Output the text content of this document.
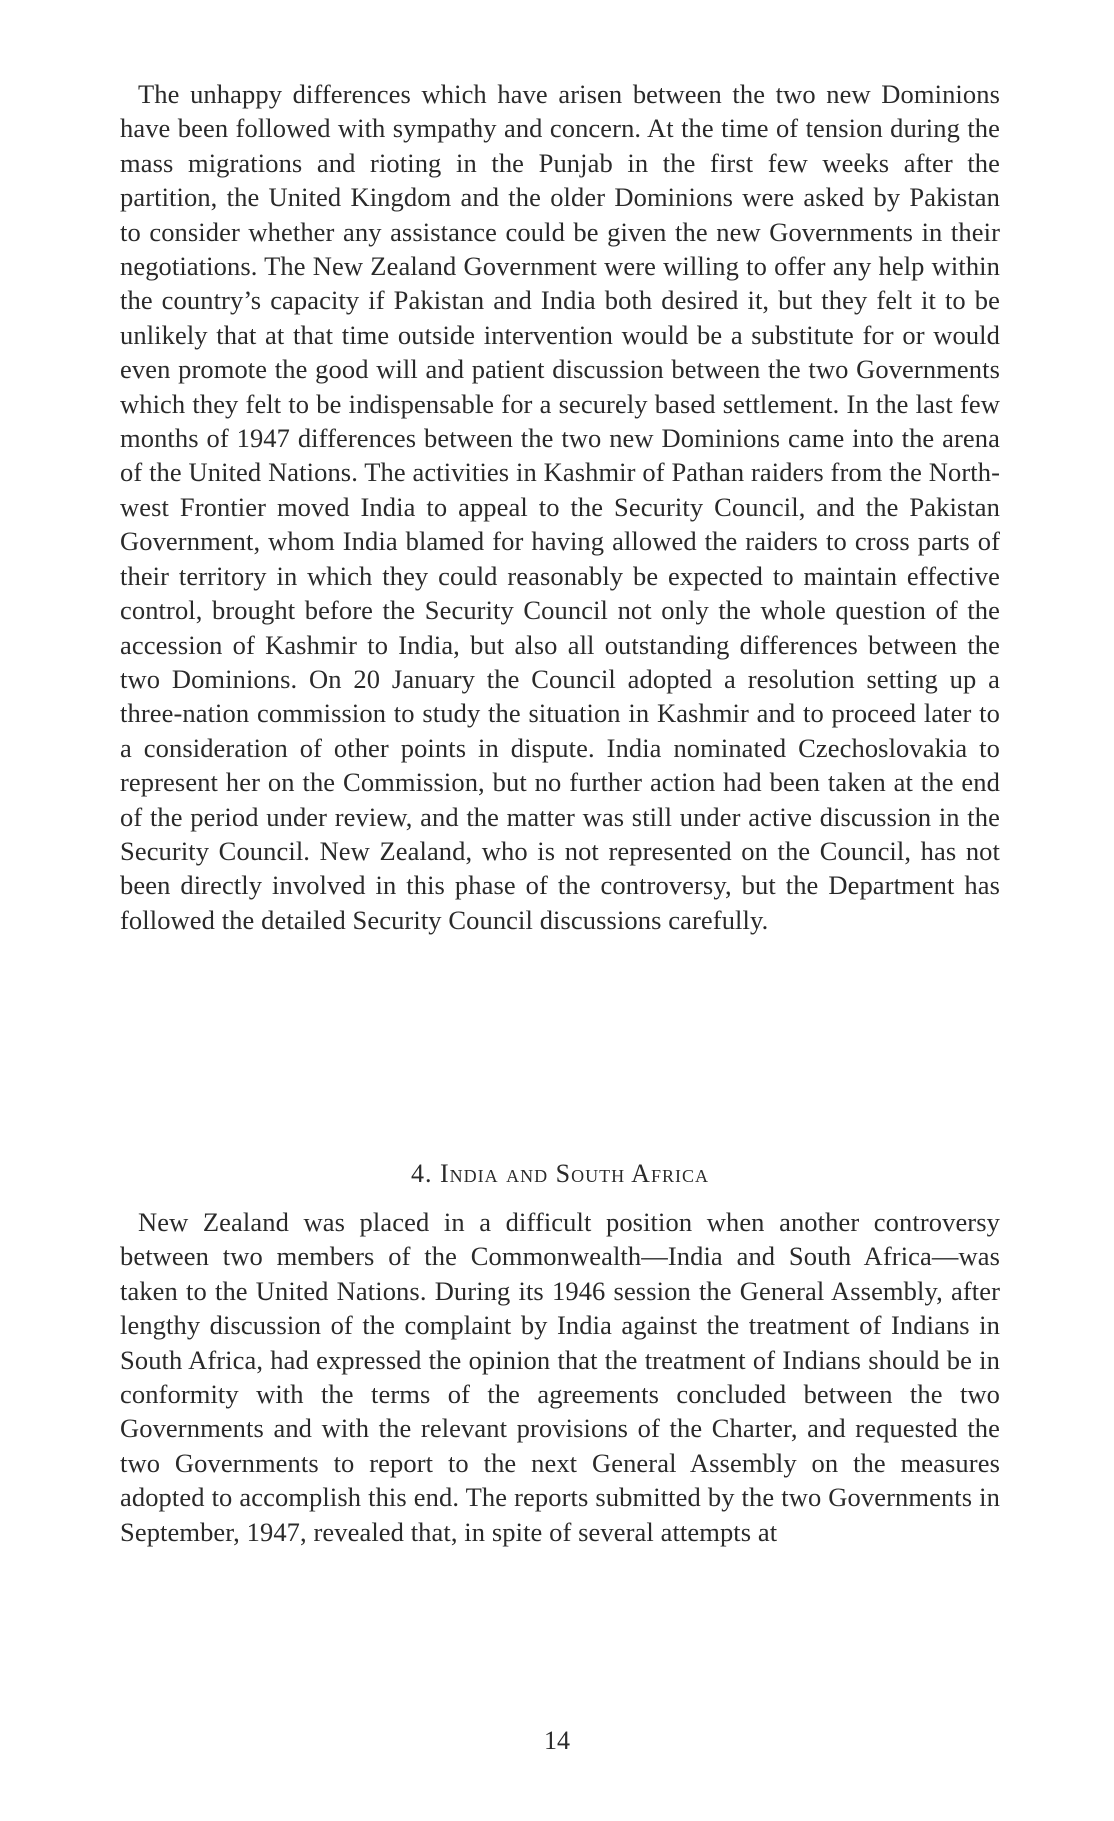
The unhappy differences which have arisen between the two new Dominions have been followed with sympathy and concern. At the time of tension during the mass migrations and rioting in the Punjab in the first few weeks after the partition, the United Kingdom and the older Dominions were asked by Pakistan to consider whether any assistance could be given the new Governments in their negotiations. The New Zealand Government were willing to offer any help within the country’s capacity if Pakistan and India both desired it, but they felt it to be unlikely that at that time outside intervention would be a substitute for or would even promote the good will and patient discussion between the two Governments which they felt to be indispensable for a securely based settlement. In the last few months of 1947 differences between the two new Dominions came into the arena of the United Nations. The activities in Kashmir of Pathan raiders from the North-west Frontier moved India to appeal to the Security Council, and the Pakistan Government, whom India blamed for having allowed the raiders to cross parts of their territory in which they could reasonably be expected to maintain effective control, brought before the Security Council not only the whole question of the accession of Kashmir to India, but also all outstanding differences between the two Dominions. On 20 January the Council adopted a resolution setting up a three-nation commission to study the situation in Kashmir and to proceed later to a consideration of other points in dispute. India nominated Czechoslovakia to represent her on the Commission, but no further action had been taken at the end of the period under review, and the matter was still under active discussion in the Security Council. New Zealand, who is not represented on the Council, has not been directly involved in this phase of the controversy, but the Department has followed the detailed Security Council discussions carefully.

4. India and South Africa

New Zealand was placed in a difficult position when another controversy between two members of the Commonwealth—India and South Africa—was taken to the United Nations. During its 1946 session the General Assembly, after lengthy discussion of the complaint by India against the treatment of Indians in South Africa, had expressed the opinion that the treatment of Indians should be in conformity with the terms of the agreements concluded between the two Governments and with the relevant provisions of the Charter, and requested the two Governments to report to the next General Assembly on the measures adopted to accomplish this end. The reports submitted by the two Governments in September, 1947, revealed that, in spite of several attempts at

14
